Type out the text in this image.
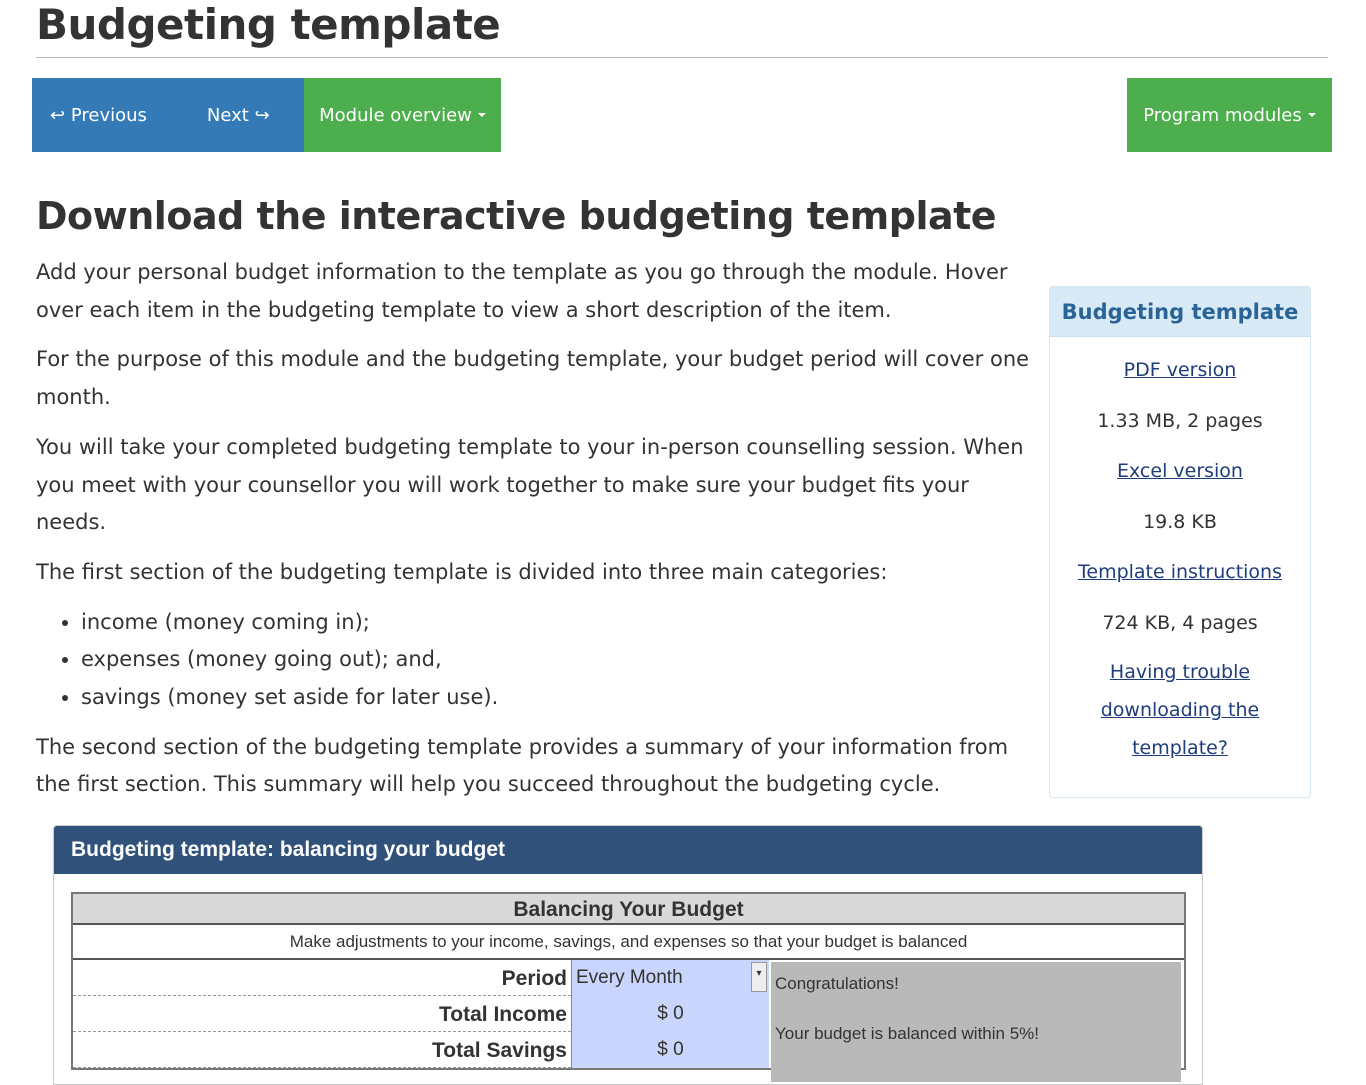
Budgeting template
↩ Previous	Next ↪	Module overview	Program modules
Download the interactive budgeting template

Add your personal budget information to the template as you go through the module. Hover over each item in the budgeting template to view a short description of the item.

For the purpose of this module and the budgeting template, your budget period will cover one month.

You will take your completed budgeting template to your in-person counselling session. When you meet with your counsellor you will work together to make sure your budget fits your needs.

The first section of the budgeting template is divided into three main categories:

• income (money coming in);
• expenses (money going out); and,
• savings (money set aside for later use).

The second section of the budgeting template provides a summary of your information from the first section. This summary will help you succeed throughout the budgeting cycle.

Budgeting template
PDF version
1.33 MB, 2 pages
Excel version
19.8 KB
Template instructions
724 KB, 4 pages
Having trouble downloading the template?
Budgeting template: balancing your budget
Balancing Your Budget
Make adjustments to your income, savings, and expenses so that your budget is balanced
Period Every Month	▾
Total Income	$ 0
Total Savings	$ 0
Congratulations!
Your budget is balanced within 5%!
